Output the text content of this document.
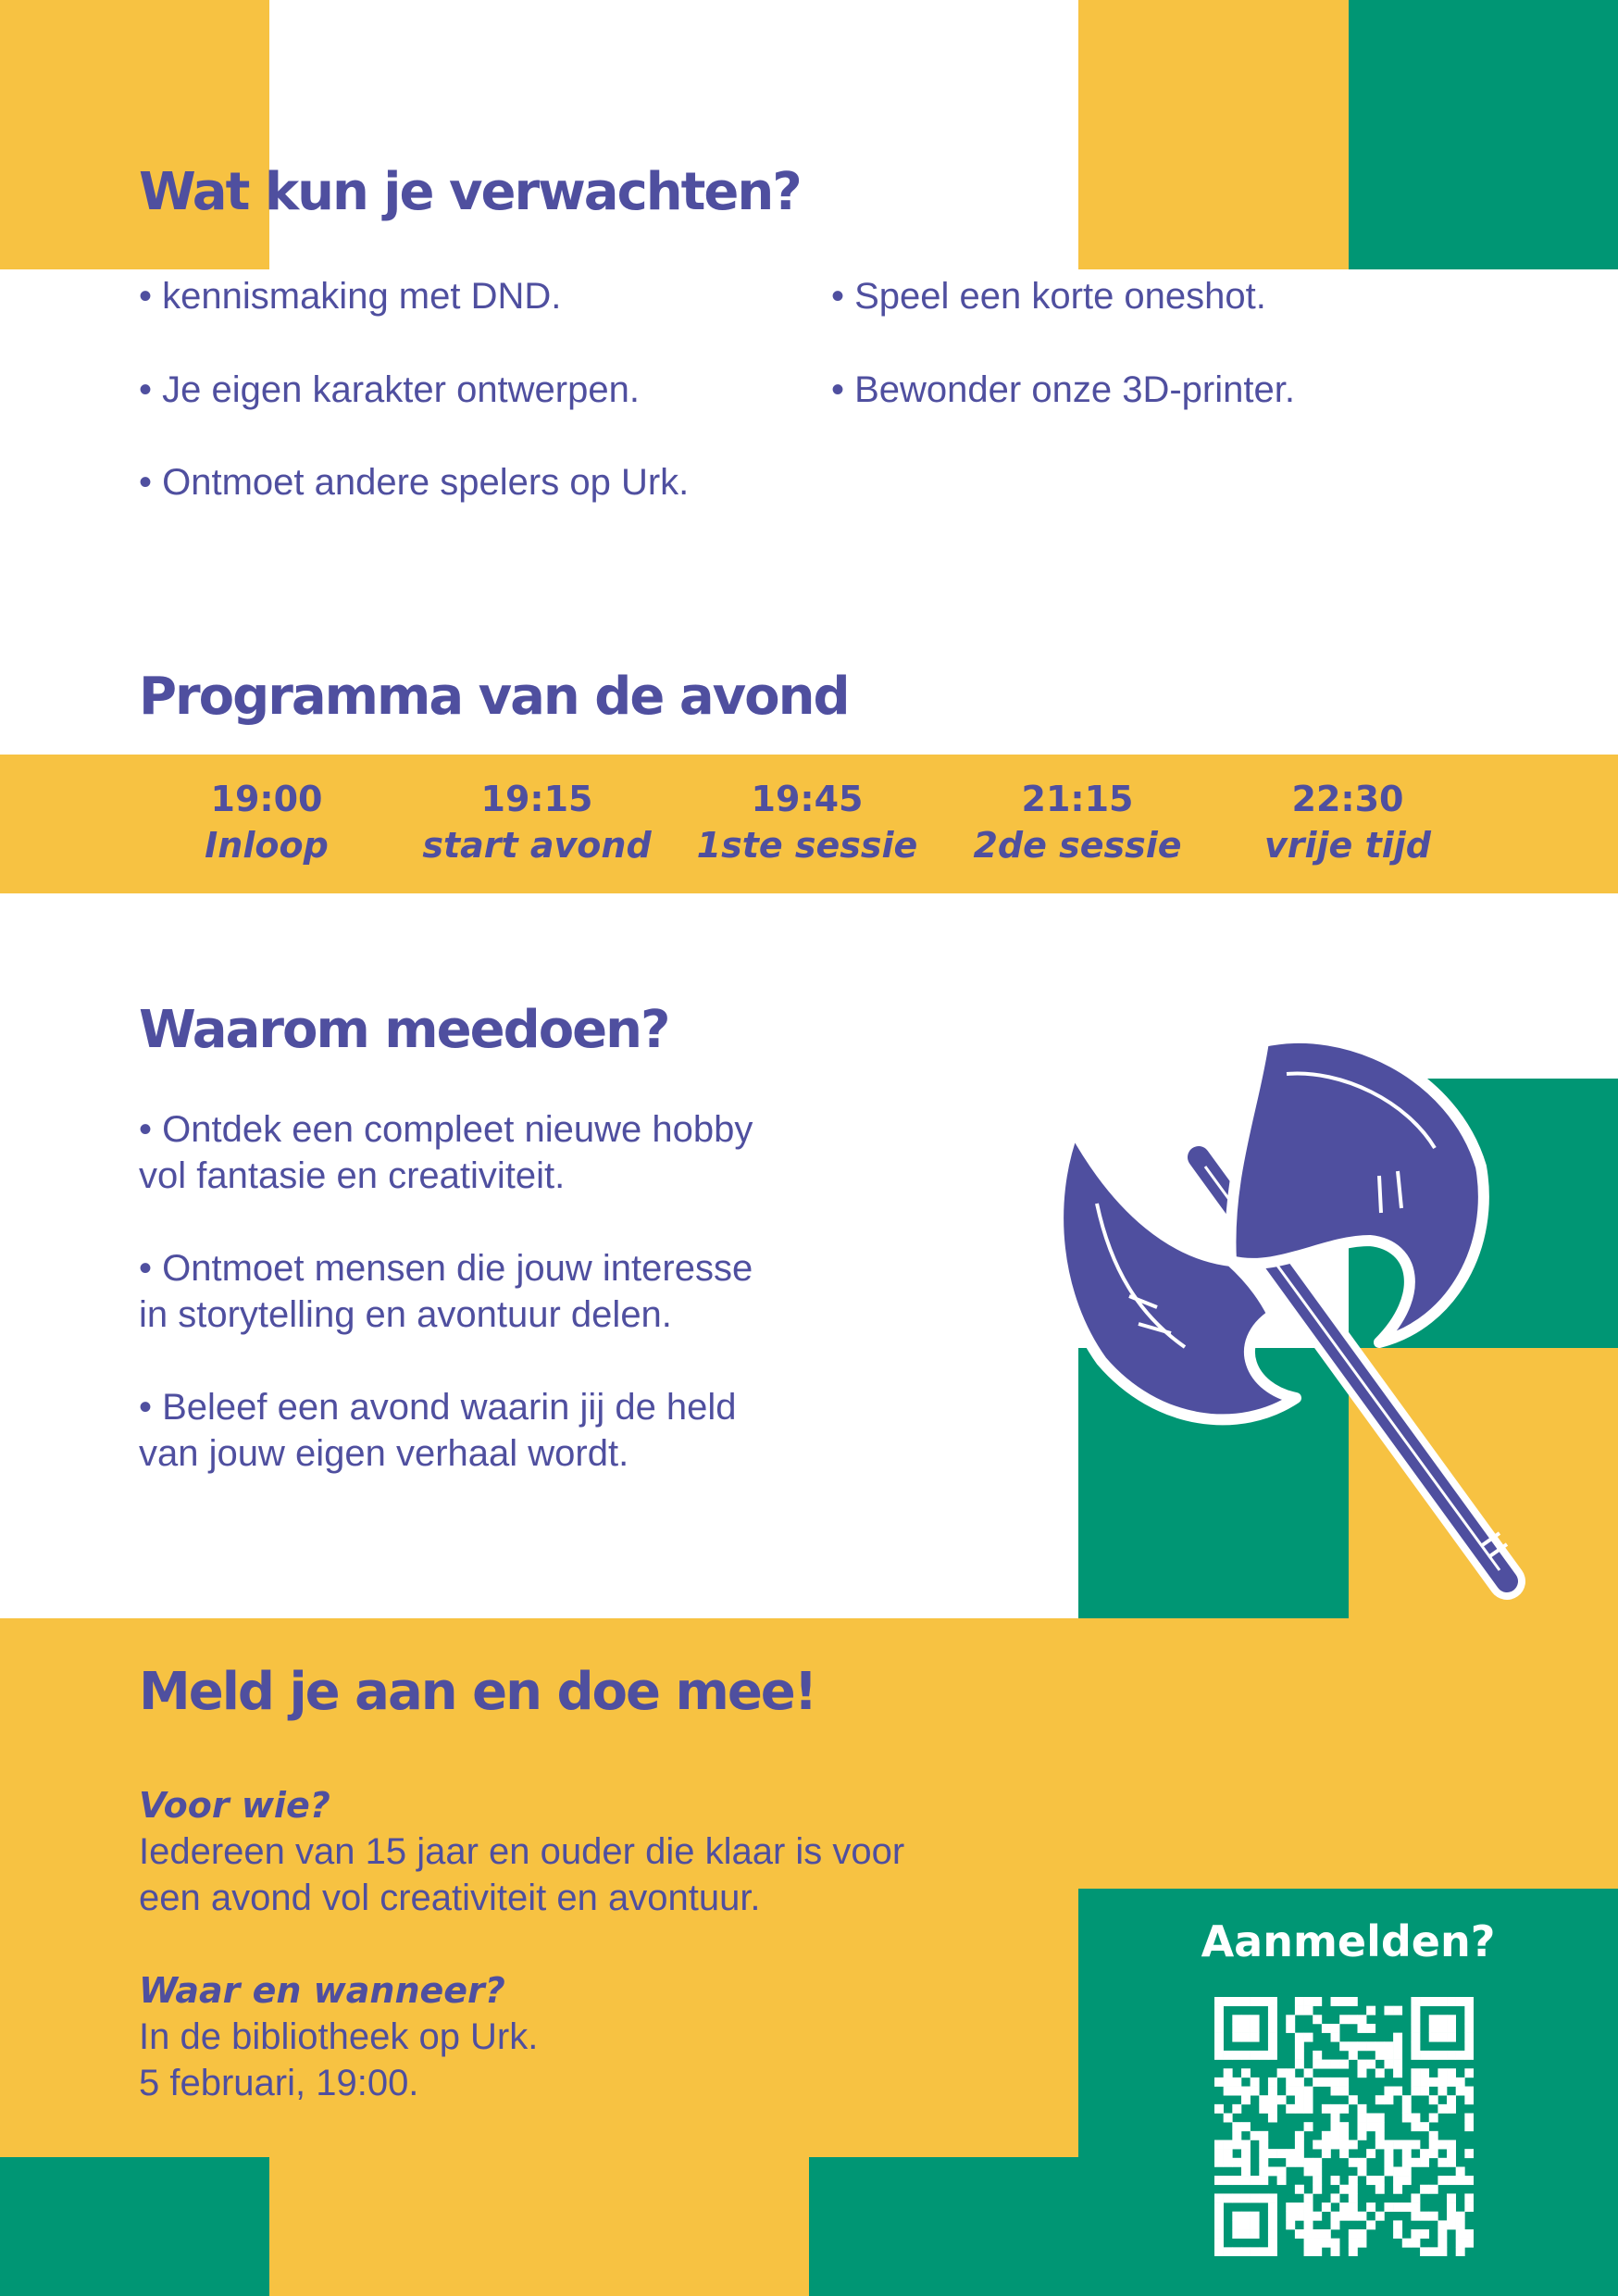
Wat kun je verwachten?
• kennismaking met DND.
• Je eigen karakter ontwerpen.
• Ontmoet andere spelers op Urk.
• Speel een korte oneshot.
• Bewonder onze 3D-printer.
Programma van de avond
19:00
Inloop
19:15
start avond
19:45
1ste sessie
21:15
2de sessie
22:30
vrije tijd
Waarom meedoen?
• Ontdek een compleet nieuwe hobby
vol fantasie en creativiteit.
• Ontmoet mensen die jouw interesse
in storytelling en avontuur delen.
• Beleef een avond waarin jij de held
van jouw eigen verhaal wordt.
Meld je aan en doe mee!
Voor wie?
Iedereen van 15 jaar en ouder die klaar is voor
een avond vol creativiteit en avontuur.
Waar en wanneer?
In de bibliotheek op Urk.
5 februari, 19:00.
Aanmelden?
